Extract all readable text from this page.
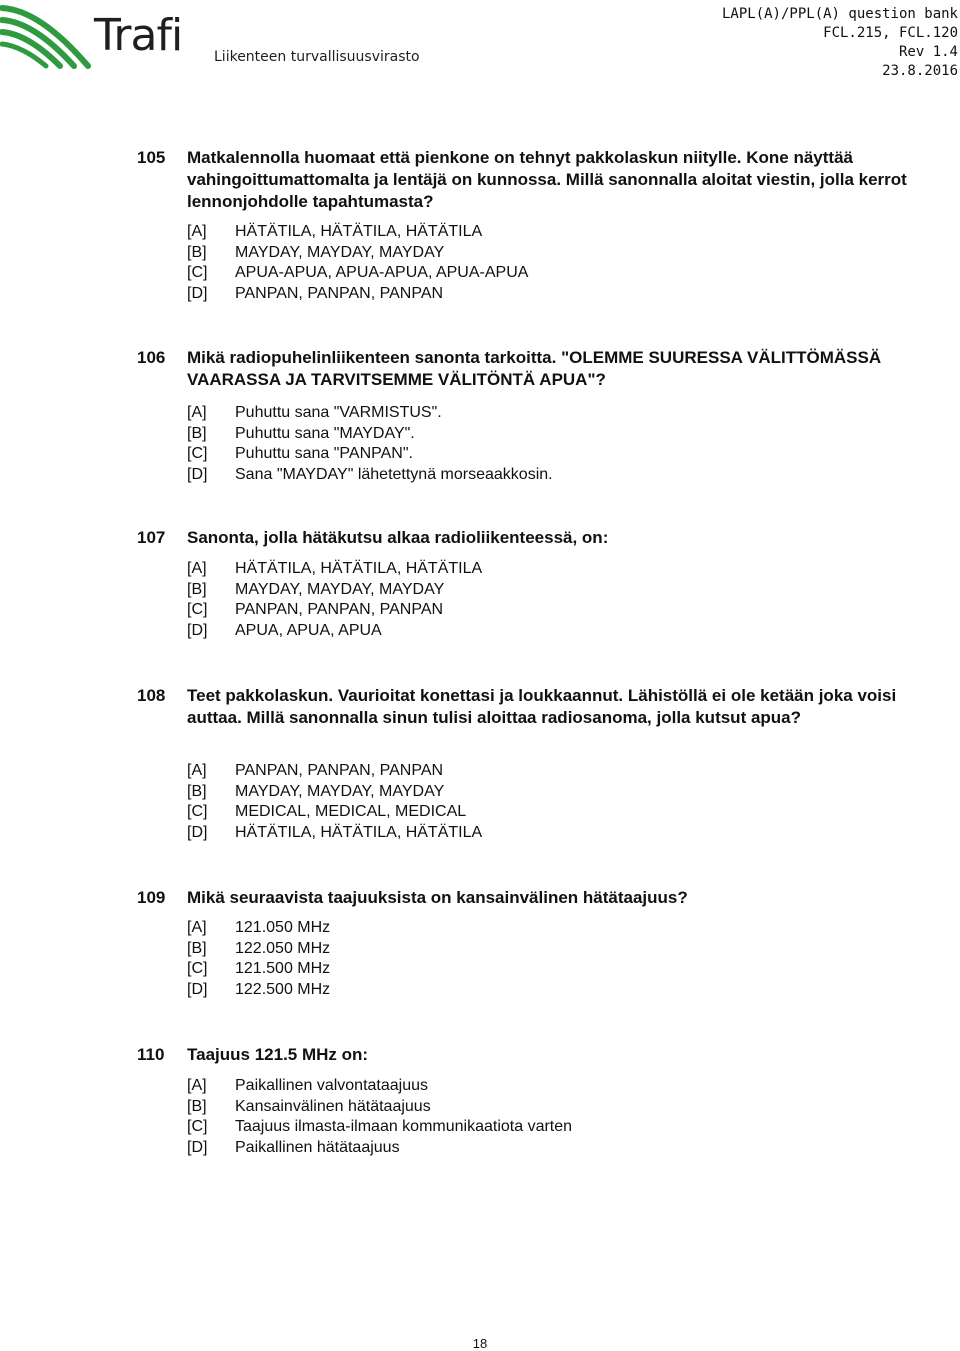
Trafi Liikenteen turvallisuusvirasto
LAPL(A)/PPL(A) question bank
FCL.215, FCL.120
Rev 1.4
23.8.2016
105 Matkalennolla huomaat että pienkone on tehnyt pakkolaskun niitylle. Kone näyttää vahingoittumattomalta ja lentäjä on kunnossa. Millä sanonnalla aloitat viestin, jolla kerrot lennonjohdolle tapahtumasta?
[A] HÄTÄTILA, HÄTÄTILA, HÄTÄTILA
[B] MAYDAY, MAYDAY, MAYDAY
[C] APUA-APUA, APUA-APUA, APUA-APUA
[D] PANPAN, PANPAN, PANPAN
106 Mikä radiopuhelinliikenteen sanonta tarkoitta. "OLEMME SUURESSA VÄLITTÖMÄSSÄ VAARASSA JA TARVITSEMME VÄLITÖNTÄ APUA"?
[A] Puhuttu sana "VARMISTUS".
[B] Puhuttu sana "MAYDAY".
[C] Puhuttu sana "PANPAN".
[D] Sana "MAYDAY" lähetettynä morseaakkosin.
107 Sanonta, jolla hätäkutsu alkaa radioliikenteessä, on:
[A] HÄTÄTILA, HÄTÄTILA, HÄTÄTILA
[B] MAYDAY, MAYDAY, MAYDAY
[C] PANPAN, PANPAN, PANPAN
[D] APUA, APUA, APUA
108 Teet pakkolaskun. Vaurioitat konettasi ja loukkaannut. Lähistöllä ei ole ketään joka voisi auttaa. Millä sanonnalla sinun tulisi aloittaa radiosanoma, jolla kutsut apua?
[A] PANPAN, PANPAN, PANPAN
[B] MAYDAY, MAYDAY, MAYDAY
[C] MEDICAL, MEDICAL, MEDICAL
[D] HÄTÄTILA, HÄTÄTILA, HÄTÄTILA
109 Mikä seuraavista taajuuksista on kansainvälinen hätätaajuus?
[A] 121.050 MHz
[B] 122.050 MHz
[C] 121.500 MHz
[D] 122.500 MHz
110 Taajuus 121.5 MHz on:
[A] Paikallinen valvontataajuus
[B] Kansainvälinen hätätaajuus
[C] Taajuus ilmasta-ilmaan kommunikaatiota varten
[D] Paikallinen hätätaajuus
18
